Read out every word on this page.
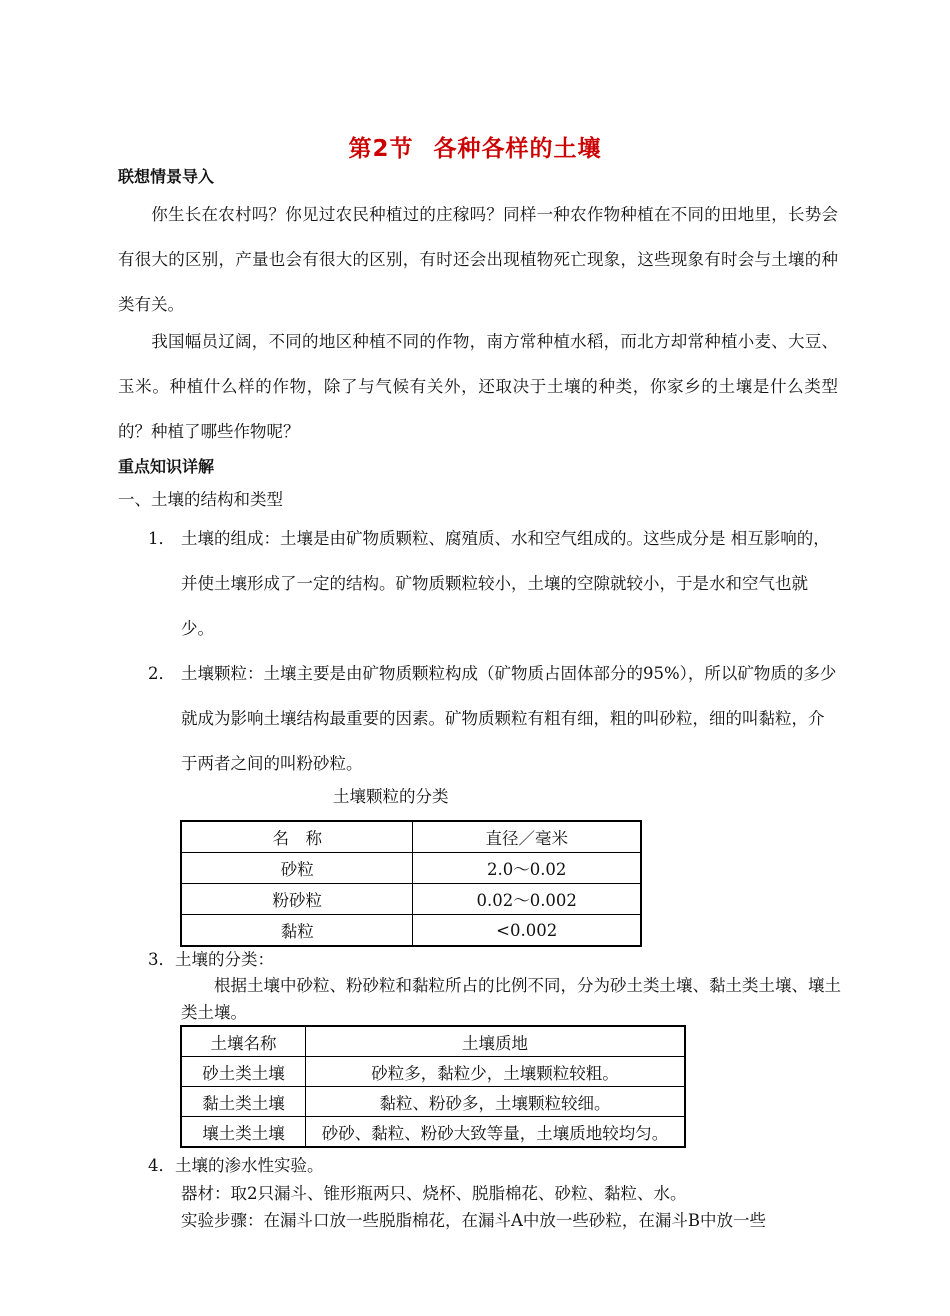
第2节 各种各样的土壤
联想情景导入
你生长在农村吗？你见过农民种植过的庄稼吗？同样一种农作物种植在不同的田地里，长势会有很大的区别，产量也会有很大的区别，有时还会出现植物死亡现象，这些现象有时会与土壤的种类有关。
我国幅员辽阔，不同的地区种植不同的作物，南方常种植水稻，而北方却常种植小麦、大豆、玉米。种植什么样的作物，除了与气候有关外，还取决于土壤的种类，你家乡的土壤是什么类型的？种植了哪些作物呢？
重点知识详解
一、土壤的结构和类型
1． 土壤的组成：土壤是由矿物质颗粒、腐殖质、水和空气组成的。这些成分是 相互影响的，并使土壤形成了一定的结构。矿物质颗粒较小，土壤的空隙就较小，于是水和空气也就少。
2． 土壤颗粒：土壤主要是由矿物质颗粒构成（矿物质占固体部分的95%），所以矿物质的多少就成为影响土壤结构最重要的因素。矿物质颗粒有粗有细，粗的叫砂粒，细的叫黏粒，介于两者之间的叫粉砂粒。
土壤颗粒的分类
名　称	直径／毫米
砂粒	2.0～0.02
粉砂粒	0.02～0.002
黏粒	<0.002
3．土壤的分类：
根据土壤中砂粒、粉砂粒和黏粒所占的比例不同，分为砂土类土壤、黏土类土壤、壤土类土壤。
土壤名称	土壤质地
砂土类土壤	砂粒多，黏粒少，土壤颗粒较粗。
黏土类土壤	黏粒、粉砂多，土壤颗粒较细。
壤土类土壤	砂砂、黏粒、粉砂大致等量，土壤质地较均匀。
4．土壤的渗水性实验。
器材：取2只漏斗、锥形瓶两只、烧杯、脱脂棉花、砂粒、黏粒、水。
实验步骤：在漏斗口放一些脱脂棉花，在漏斗A中放一些砂粒，在漏斗B中放一些
